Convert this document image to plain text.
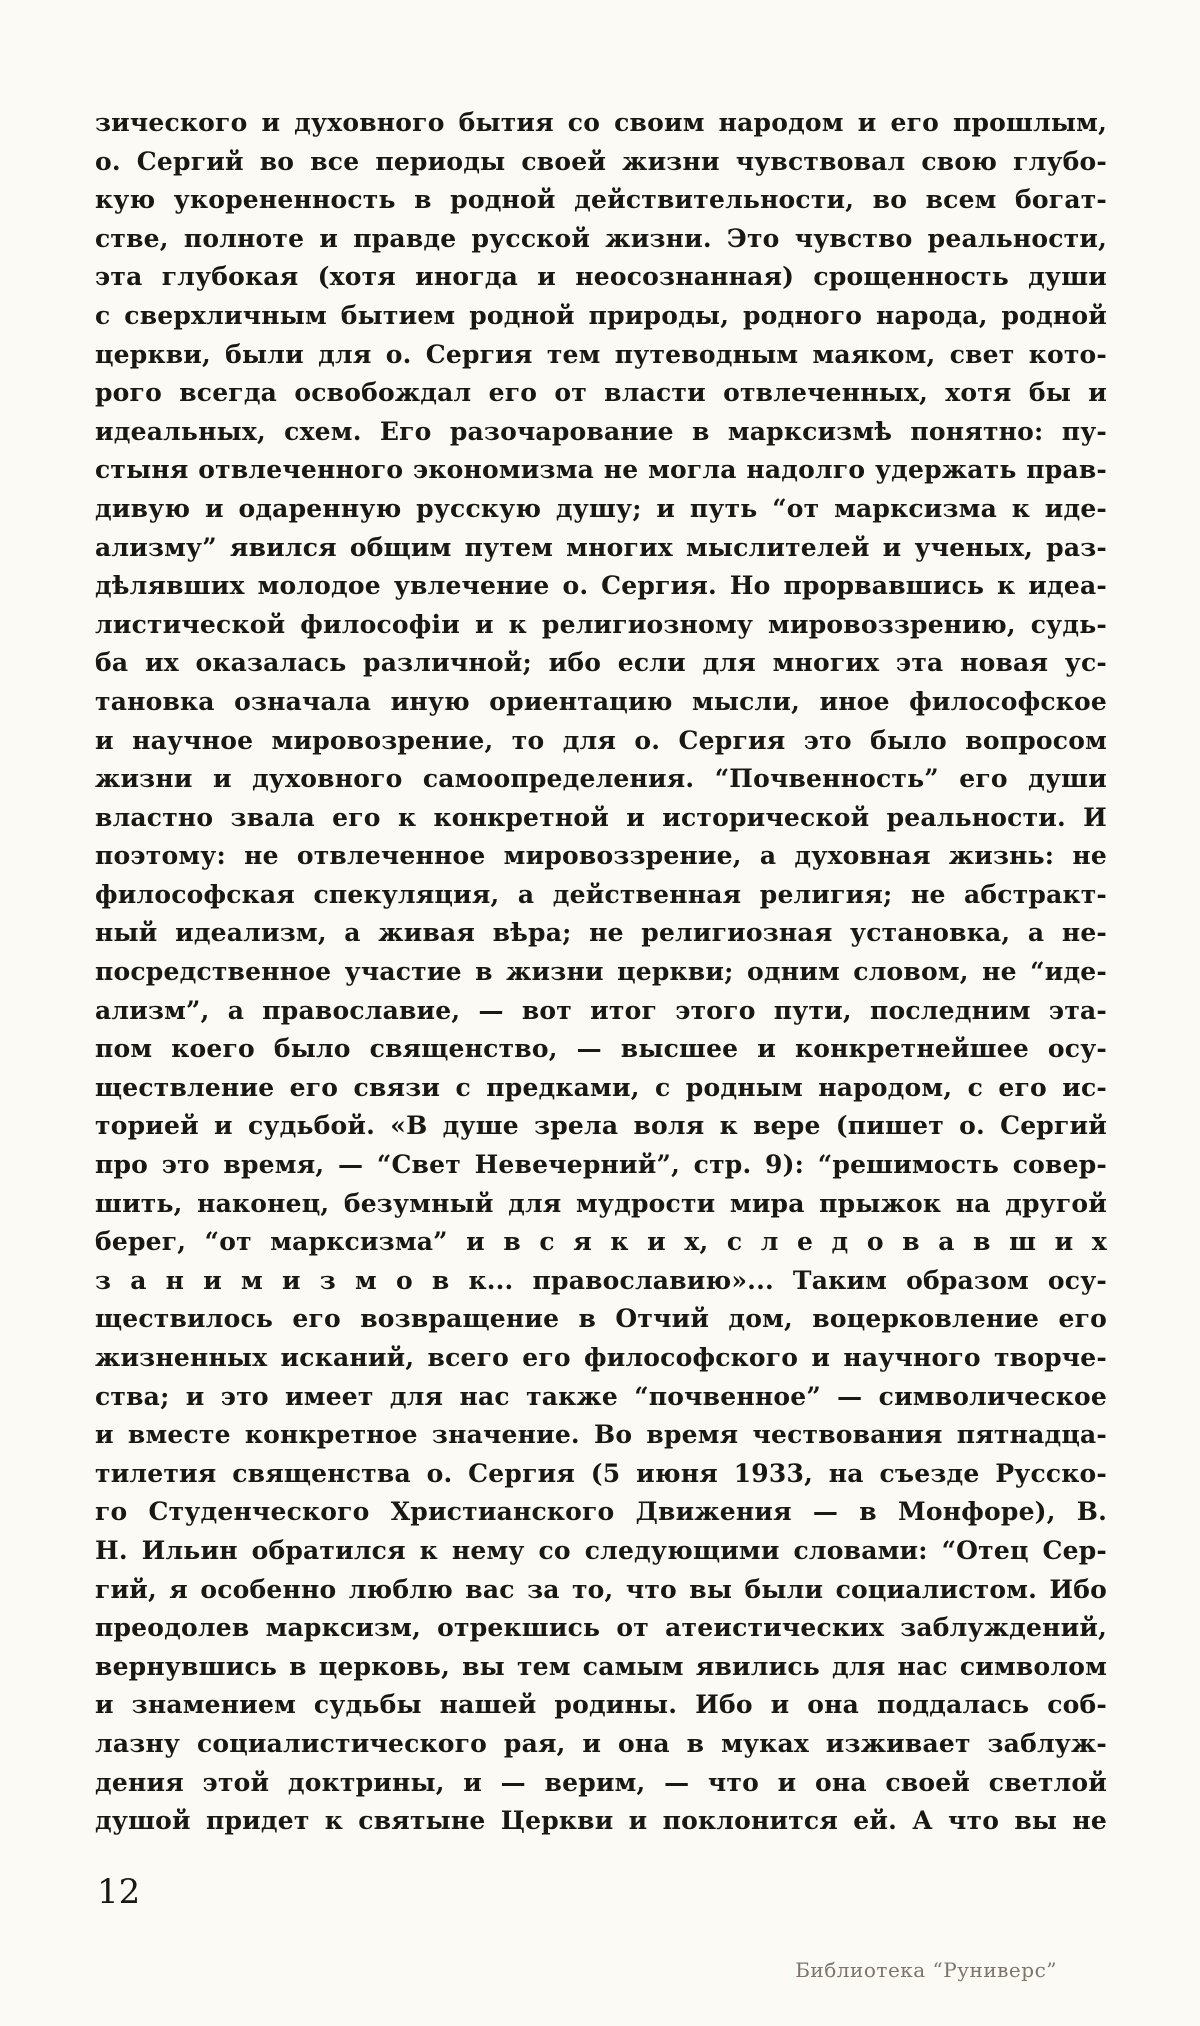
зического и духовного бытия со своим народом и его прошлым,
о. Сергий во все периоды своей жизни чувствовал свою глубо-
кую укорененность в родной действительности, во всем богат-
стве, полноте и правде русской жизни. Это чувство реальности,
эта глубокая (хотя иногда и неосознанная) срощенность души
с сверхличным бытием родной природы, родного народа, родной
церкви, были для о. Сергия тем путеводным маяком, свет кото-
рого всегда освобождал его от власти отвлеченных, хотя бы и
идеальных, схем. Его разочарование в марксизмѣ понятно: пу-
стыня отвлеченного экономизма не могла надолго удержать прав-
дивую и одаренную русскую душу; и путь “от марксизма к иде-
ализму” явился общим путем многих мыслителей и ученых, раз-
дѣлявших молодое увлечение о. Сергия. Но прорвавшись к идеа-
листической философіи и к религиозному мировоззрению, судь-
ба их оказалась различной; ибо если для многих эта новая ус-
тановка означала иную ориентацию мысли, иное философское
и научное мировозрение, то для о. Сергия это было вопросом
жизни и духовного самоопределения. “Почвенность” его души
властно звала его к конкретной и исторической реальности. И
поэтому: не отвлеченное мировоззрение, а духовная жизнь: не
философская спекуляция, а действенная религия; не абстракт-
ный идеализм, а живая вѣра; не религиозная установка, а не-
посредственное участие в жизни церкви; одним словом, не “иде-
ализм”, а православие, — вот итог этого пути, последним эта-
пом коего было священство, — высшее и конкретнейшее осу-
ществление его связи с предками, с родным народом, с его ис-
торией и судьбой. «В душе зрела воля к вере (пишет о. Сергий
про это время, — “Свет Невечерний”, стр. 9): “решимость совер-
шить, наконец, безумный для мудрости мира прыжок на другой
берег, “от марксизма” и в с я к и х, с л е д о в а в ш и х
з а н и м и з м о в к... православию»... Таким образом осу-
ществилось его возвращение в Отчий дом, воцерковление его
жизненных исканий, всего его философского и научного творче-
ства; и это имеет для нас также “почвенное” — символическое
и вместе конкретное значение. Во время чествования пятнадца-
тилетия священства о. Сергия (5 июня 1933, на съезде Русско-
го Студенческого Христианского Движения — в Монфоре), В.
Н. Ильин обратился к нему со следующими словами: “Отец Сер-
гий, я особенно люблю вас за то, что вы были социалистом. Ибо
преодолев марксизм, отрекшись от атеистических заблуждений,
вернувшись в церковь, вы тем самым явились для нас символом
и знамением судьбы нашей родины. Ибо и она поддалась соб-
лазну социалистического рая, и она в муках изживает заблуж-
дения этой доктрины, и — верим, — что и она своей светлой
душой придет к святыне Церкви и поклонится ей. А что вы не
12
Библиотека “Руниверс”
